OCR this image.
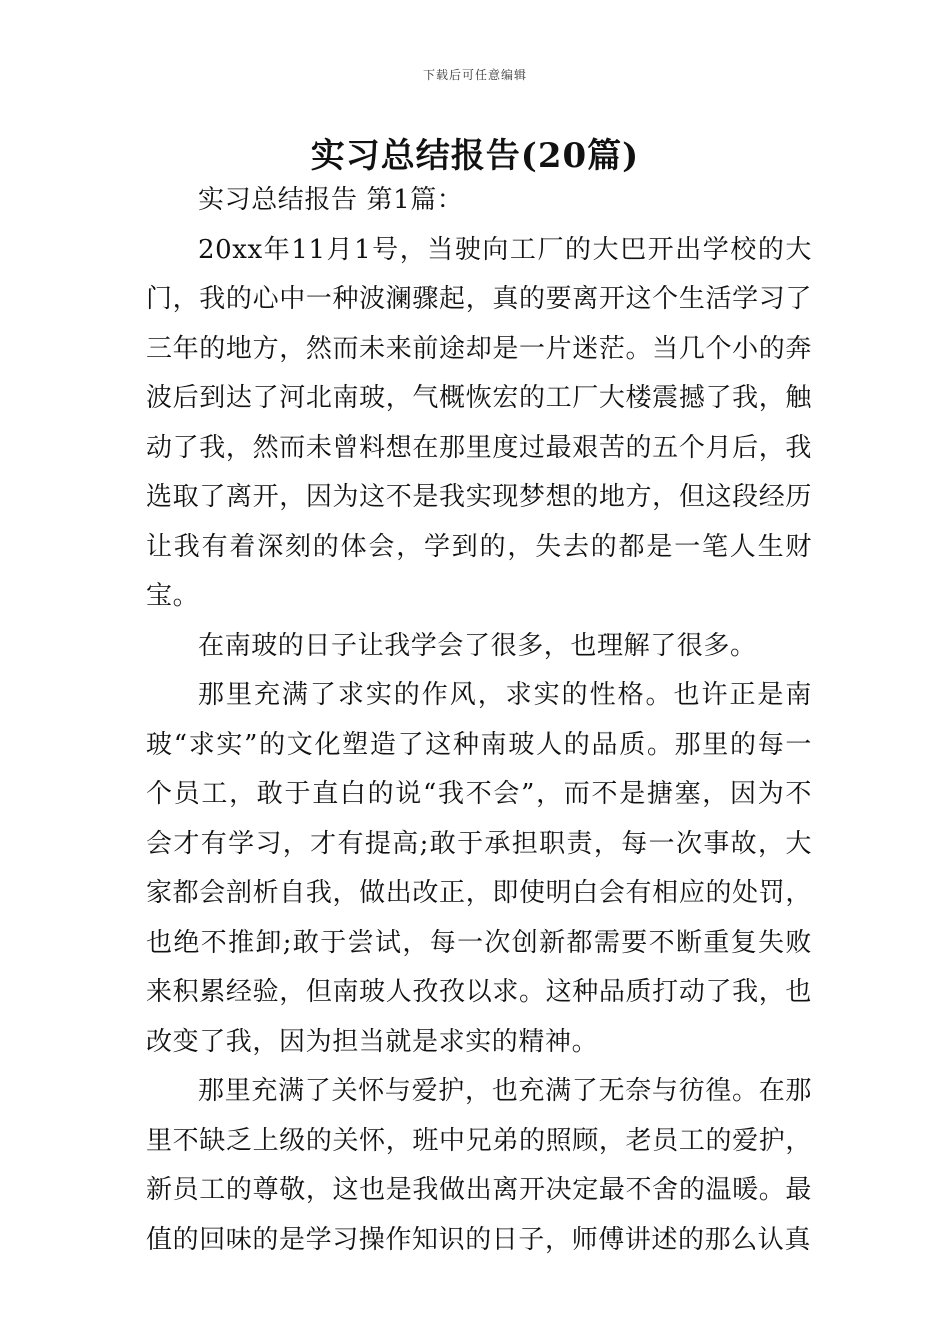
下载后可任意编辑
实习总结报告(20篇)

实习总结报告 第1篇：

20xx年11月1号，当驶向工厂的大巴开出学校的大门，我的心中一种波澜骤起，真的要离开这个生活学习了三年的地方，然而未来前途却是一片迷茫。当几个小的奔波后到达了河北南玻，气概恢宏的工厂大楼震撼了我，触动了我，然而未曾料想在那里度过最艰苦的五个月后，我选取了离开，因为这不是我实现梦想的地方，但这段经历让我有着深刻的体会，学到的，失去的都是一笔人生财宝。

在南玻的日子让我学会了很多，也理解了很多。

那里充满了求实的作风，求实的性格。也许正是南玻“求实”的文化塑造了这种南玻人的品质。那里的每一个员工，敢于直白的说“我不会”，而不是搪塞，因为不会才有学习，才有提高;敢于承担职责，每一次事故，大家都会剖析自我，做出改正，即使明白会有相应的处罚，也绝不推卸;敢于尝试，每一次创新都需要不断重复失败来积累经验，但南玻人孜孜以求。这种品质打动了我，也改变了我，因为担当就是求实的精神。

那里充满了关怀与爱护，也充满了无奈与彷徨。在那里不缺乏上级的关怀，班中兄弟的照顾，老员工的爱护，新员工的尊敬，这也是我做出离开决定最不舍的温暖。最值的回味的是学习操作知识的日子，师傅讲述的那么认真
